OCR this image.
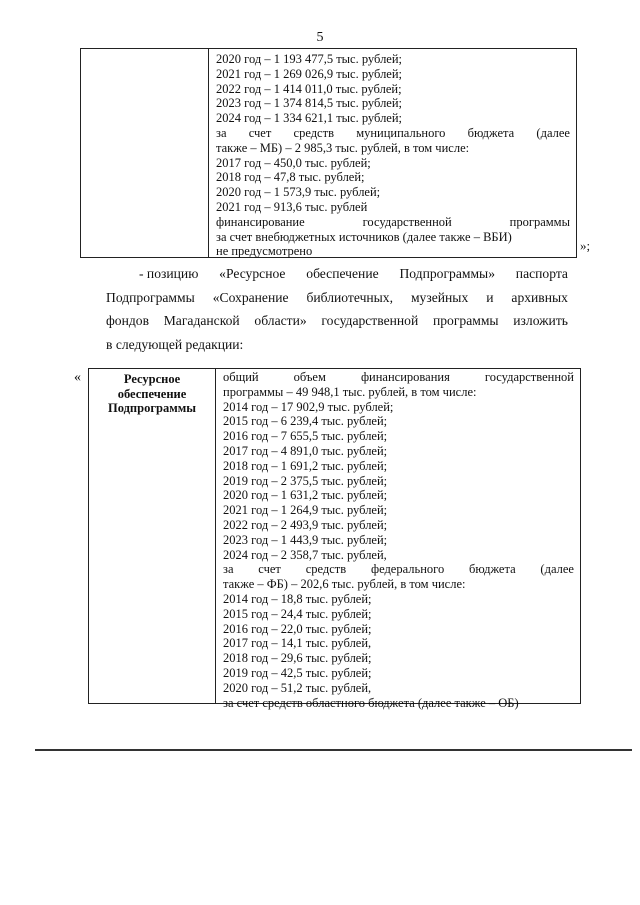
5
2020 год – 1 193 477,5 тыс. рублей;
2021 год – 1 269 026,9 тыс. рублей;
2022 год – 1 414 011,0 тыс. рублей;
2023 год – 1 374 814,5 тыс. рублей;
2024 год – 1 334 621,1 тыс. рублей;
за счет средств муниципального бюджета (далее
также – МБ) – 2 985,3 тыс. рублей, в том числе:
2017 год – 450,0 тыс. рублей;
2018 год – 47,8 тыс. рублей;
2020 год – 1 573,9 тыс. рублей;
2021 год – 913,6 тыс. рублей
финансирование	государственной	программы
за счет внебюджетных источников (далее также – ВБИ)
не предусмотрено	»;
- позицию «Ресурсное обеспечение Подпрограммы» паспорта
Подпрограммы «Сохранение библиотечных, музейных и архивных
фондов Магаданской области» государственной программы изложить
в следующей редакции:
«	Ресурсное
обеспечение
Подпрограммы
общий	объем	финансирования	государственной
программы – 49 948,1 тыс. рублей, в том числе:
2014 год – 17 902,9 тыс. рублей;
2015 год – 6 239,4 тыс. рублей;
2016 год – 7 655,5 тыс. рублей;
2017 год – 4 891,0 тыс. рублей;
2018 год – 1 691,2 тыс. рублей;
2019 год – 2 375,5 тыс. рублей;
2020 год – 1 631,2 тыс. рублей;
2021 год – 1 264,9 тыс. рублей;
2022 год – 2 493,9 тыс. рублей;
2023 год – 1 443,9 тыс. рублей;
2024 год – 2 358,7 тыс. рублей,
за счет средств федерального бюджета (далее
также – ФБ) – 202,6 тыс. рублей, в том числе:
2014 год – 18,8 тыс. рублей;
2015 год – 24,4 тыс. рублей;
2016 год – 22,0 тыс. рублей;
2017 год – 14,1 тыс. рублей,
2018 год – 29,6 тыс. рублей;
2019 год – 42,5 тыс. рублей;
2020 год – 51,2 тыс. рублей,
за счет средств областного бюджета (далее также – ОБ)
